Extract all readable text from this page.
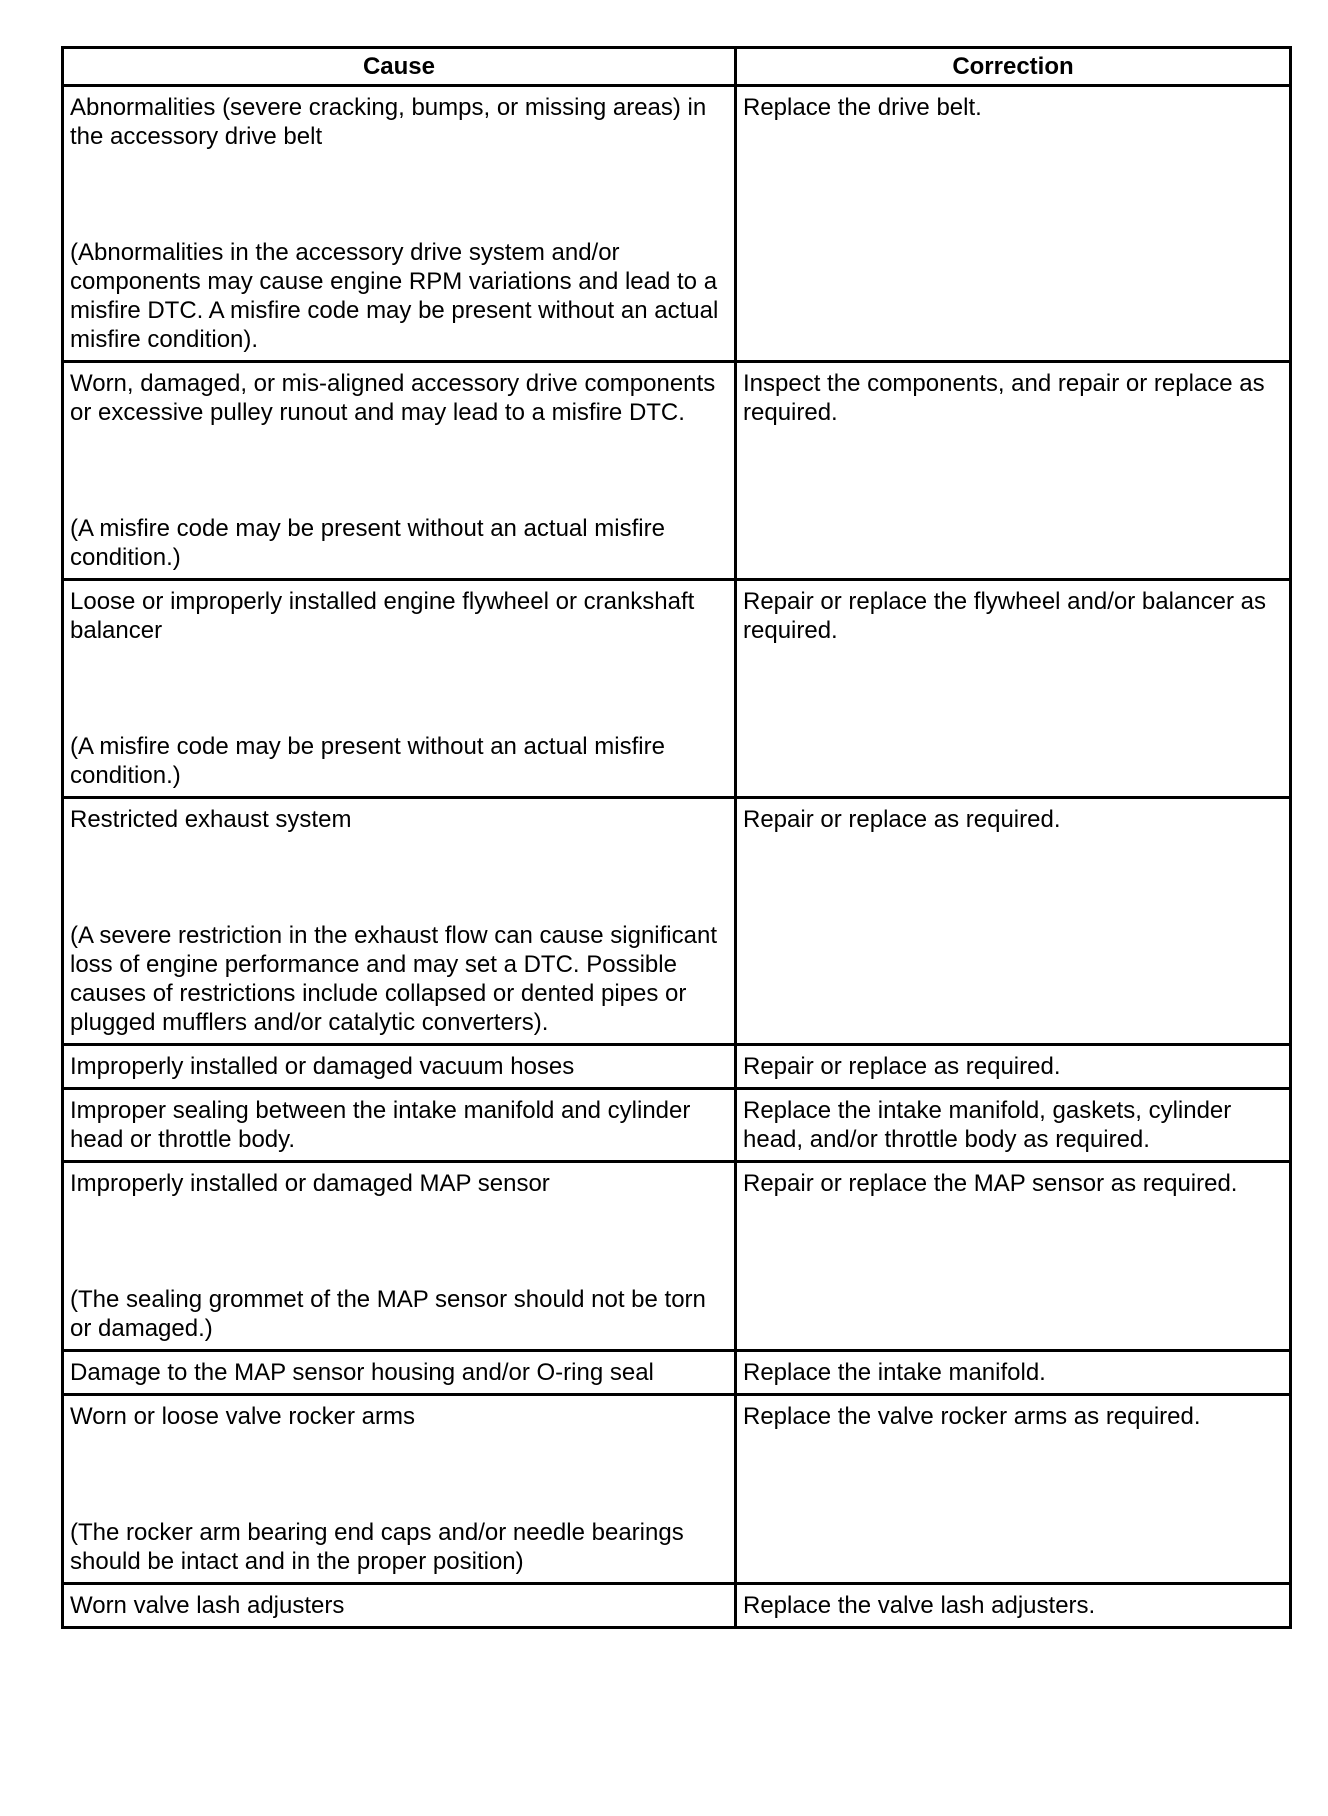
Cause	Correction

Abnormalities (severe cracking, bumps, or missing areas) in the accessory drive belt
(Abnormalities in the accessory drive system and/or components may cause engine RPM variations and lead to a misfire DTC. A misfire code may be present without an actual misfire condition).	Replace the drive belt.

Worn, damaged, or mis-aligned accessory drive components or excessive pulley runout and may lead to a misfire DTC.
(A misfire code may be present without an actual misfire condition.)	Inspect the components, and repair or replace as required.

Loose or improperly installed engine flywheel or crankshaft balancer
(A misfire code may be present without an actual misfire condition.)	Repair or replace the flywheel and/or balancer as required.

Restricted exhaust system
(A severe restriction in the exhaust flow can cause significant loss of engine performance and may set a DTC. Possible causes of restrictions include collapsed or dented pipes or plugged mufflers and/or catalytic converters).	Repair or replace as required.

Improperly installed or damaged vacuum hoses	Repair or replace as required.

Improper sealing between the intake manifold and cylinder head or throttle body.	Replace the intake manifold, gaskets, cylinder head, and/or throttle body as required.

Improperly installed or damaged MAP sensor
(The sealing grommet of the MAP sensor should not be torn or damaged.)	Repair or replace the MAP sensor as required.

Damage to the MAP sensor housing and/or O-ring seal	Replace the intake manifold.

Worn or loose valve rocker arms
(The rocker arm bearing end caps and/or needle bearings should be intact and in the proper position)	Replace the valve rocker arms as required.

Worn valve lash adjusters	Replace the valve lash adjusters.
